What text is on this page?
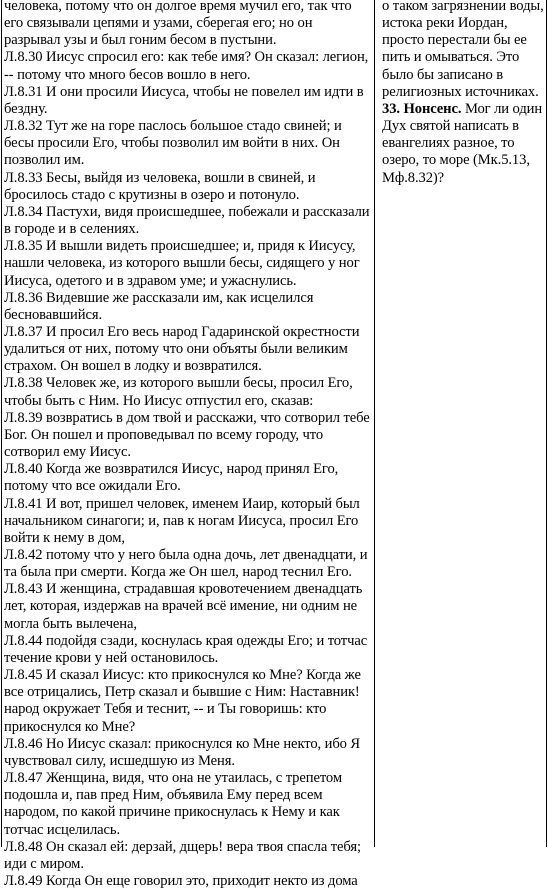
человека, потому что он долгое время мучил его, так что его связывали цепями и узами, сберегая его; но он разрывал узы и был гоним бесом в пустыни.

Л.8.30 Иисус спросил его: как тебе имя? Он сказал: легион, -- потому что много бесов вошло в него.

Л.8.31 И они просили Иисуса, чтобы не повелел им идти в бездну.

Л.8.32 Тут же на горе паслось большое стадо свиней; и бесы просили Его, чтобы позволил им войти в них. Он позволил им.

Л.8.33 Бесы, выйдя из человека, вошли в свиней, и бросилось стадо с крутизны в озеро и потонуло.

Л.8.34 Пастухи, видя происшедшее, побежали и рассказали в городе и в селениях.

Л.8.35 И вышли видеть происшедшее; и, придя к Иисусу, нашли человека, из которого вышли бесы, сидящего у ног Иисуса, одетого и в здравом уме; и ужаснулись.

Л.8.36 Видевшие же рассказали им, как исцелился бесновавшийся.

Л.8.37 И просил Его весь народ Гадаринской окрестности удалиться от них, потому что они объяты были великим страхом. Он вошел в лодку и возвратился.

Л.8.38 Человек же, из которого вышли бесы, просил Его, чтобы быть с Ним. Но Иисус отпустил его, сказав:

Л.8.39 возвратись в дом твой и расскажи, что сотворил тебе Бог. Он пошел и проповедывал по всему городу, что сотворил ему Иисус.

Л.8.40 Когда же возвратился Иисус, народ принял Его, потому что все ожидали Его.

Л.8.41 И вот, пришел человек, именем Иаир, который был начальником синагоги; и, пав к ногам Иисуса, просил Его войти к нему в дом,

Л.8.42 потому что у него была одна дочь, лет двенадцати, и та была при смерти. Когда же Он шел, народ теснил Его.

Л.8.43 И женщина, страдавшая кровотечением двенадцать лет, которая, издержав на врачей всё имение, ни одним не могла быть вылечена,

Л.8.44 подойдя сзади, коснулась края одежды Его; и тотчас течение крови у ней остановилось.

Л.8.45 И сказал Иисус: кто прикоснулся ко Мне? Когда же все отрицались, Петр сказал и бывшие с Ним: Наставник! народ окружает Тебя и теснит, -- и Ты говоришь: кто прикоснулся ко Мне?

Л.8.46 Но Иисус сказал: прикоснулся ко Мне некто, ибо Я чувствовал силу, исшедшую из Меня.

Л.8.47 Женщина, видя, что она не утаилась, с трепетом подошла и, пав пред Ним, объявила Ему перед всем народом, по какой причине прикоснулась к Нему и как тотчас исцелилась.

Л.8.48 Он сказал ей: дерзай, дщерь! вера твоя спасла тебя; иди с миром.

Л.8.49 Когда Он еще говорил это, приходит некто из дома

о таком загрязнении воды, истока реки Иордан, просто перестали бы ее пить и омываться. Это было бы записано в религиозных источниках.

33. Нонсенс. Мог ли один Дух святой написать в евангелиях разное, то озеро, то море (Мк.5.13, Мф.8.32)?
